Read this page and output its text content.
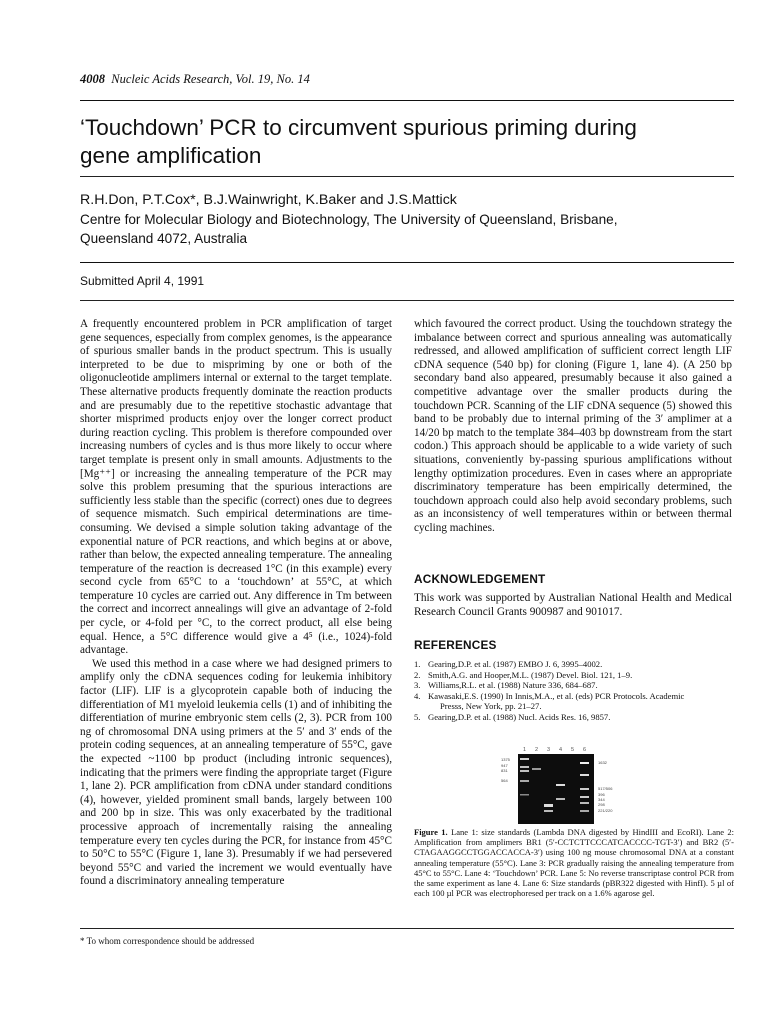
4008 Nucleic Acids Research, Vol. 19, No. 14
‘Touchdown’ PCR to circumvent spurious priming during
gene amplification
R.H.Don, P.T.Cox*, B.J.Wainwright, K.Baker and J.S.Mattick
Centre for Molecular Biology and Biotechnology, The University of Queensland, Brisbane,
Queensland 4072, Australia
Submitted April 4, 1991

A frequently encountered problem in PCR amplification of target gene sequences, especially from complex genomes, is the appearance of spurious smaller bands in the product spectrum. This is usually interpreted to be due to mispriming by one or both of the oligonucleotide amplimers internal or external to the target template. These alternative products frequently dominate the reaction products and are presumably due to the repetitive stochastic advantage that shorter misprimed products enjoy over the longer correct product during reaction cycling. This problem is therefore compounded over increasing numbers of cycles and is thus more likely to occur where target template is present only in small amounts. Adjustments to the [Mg⁺⁺] or increasing the annealing temperature of the PCR may solve this problem presuming that the spurious interactions are sufficiently less stable than the specific (correct) ones due to degrees of sequence mismatch. Such empirical determinations are time-consuming. We devised a simple solution taking advantage of the exponential nature of PCR reactions, and which begins at or above, rather than below, the expected annealing temperature. The annealing temperature of the reaction is decreased 1°C (in this example) every second cycle from 65°C to a ‘touchdown’ at 55°C, at which temperature 10 cycles are carried out. Any difference in Tm between the correct and incorrect annealings will give an advantage of 2-fold per cycle, or 4-fold per °C, to the correct product, all else being equal. Hence, a 5°C difference would give a 4⁵ (i.e., 1024)-fold advantage.

We used this method in a case where we had designed primers to amplify only the cDNA sequences coding for leukemia inhibitory factor (LIF). LIF is a glycoprotein capable both of inducing the differentiation of M1 myeloid leukemia cells (1) and of inhibiting the differentiation of murine embryonic stem cells (2, 3). PCR from 100 ng of chromosomal DNA using primers at the 5′ and 3′ ends of the protein coding sequences, at an annealing temperature of 55°C, gave the expected ~1100 bp product (including intronic sequences), indicating that the primers were finding the appropriate target (Figure 1, lane 2). PCR amplification from cDNA under standard conditions (4), however, yielded prominent small bands, largely between 100 and 200 bp in size. This was only exacerbated by the traditional processive approach of incrementally raising the annealing temperature every ten cycles during the PCR, for instance from 45°C to 50°C to 55°C (Figure 1, lane 3). Presumably if we had persevered beyond 55°C and varied the increment we would eventually have found a discriminatory annealing temperature

which favoured the correct product. Using the touchdown strategy the imbalance between correct and spurious annealing was automatically redressed, and allowed amplification of sufficient correct length LIF cDNA sequence (540 bp) for cloning (Figure 1, lane 4). (A 250 bp secondary band also appeared, presumably because it also gained a competitive advantage over the smaller products during the touchdown PCR. Scanning of the LIF cDNA sequence (5) showed this band to be probably due to internal priming of the 3′ amplimer at a 14/20 bp match to the template 384–403 bp downstream from the start codon.) This approach should be applicable to a wide variety of such situations, conveniently by-passing spurious amplifications without lengthy optimization procedures. Even in cases where an appropriate discriminatory temperature has been empirically determined, the touchdown approach could also help avoid secondary problems, such as an inconsistency of well temperatures within or between thermal cycling machines.

ACKNOWLEDGEMENT
This work was supported by Australian National Health and Medical Research Council Grants 900987 and 901017.
REFERENCES
1. Gearing,D.P. et al. (1987) EMBO J. 6, 3995–4002.
2. Smith,A.G. and Hooper,M.L. (1987) Devel. Biol. 121, 1–9.
3. Williams,R.L. et al. (1988) Nature 336, 684–687.
4. Kawasaki,E.S. (1990) In Innis,M.A., et al. (eds) PCR Protocols. Academic
Presss, New York, pp. 21–27.
5. Gearing,D.P. et al. (1988) Nucl. Acids Res. 16, 9857.
1 2 3 4 5 6
1375
947
831
564
1632
517/506
396
344
298
221/220
Figure 1. Lane 1: size standards (Lambda DNA digested by HindIII and EcoRI). Lane 2: Amplification from amplimers BR1 (5′-CCTCTTCCCATCACCCC-TGT-3′) and BR2 (5′-CTAGAAGGCCTGGACCACCA-3′) using 100 ng mouse chromosomal DNA at a constant annealing temperature (55°C). Lane 3: PCR gradually raising the annealing temperature from 45°C to 55°C. Lane 4: ‘Touchdown’ PCR. Lane 5: No reverse transcriptase control PCR from the same experiment as lane 4. Lane 6: Size standards (pBR322 digested with HinfI). 5 µl of each 100 µl PCR was electrophoresed per track on a 1.6% agarose gel.
* To whom correspondence should be addressed
